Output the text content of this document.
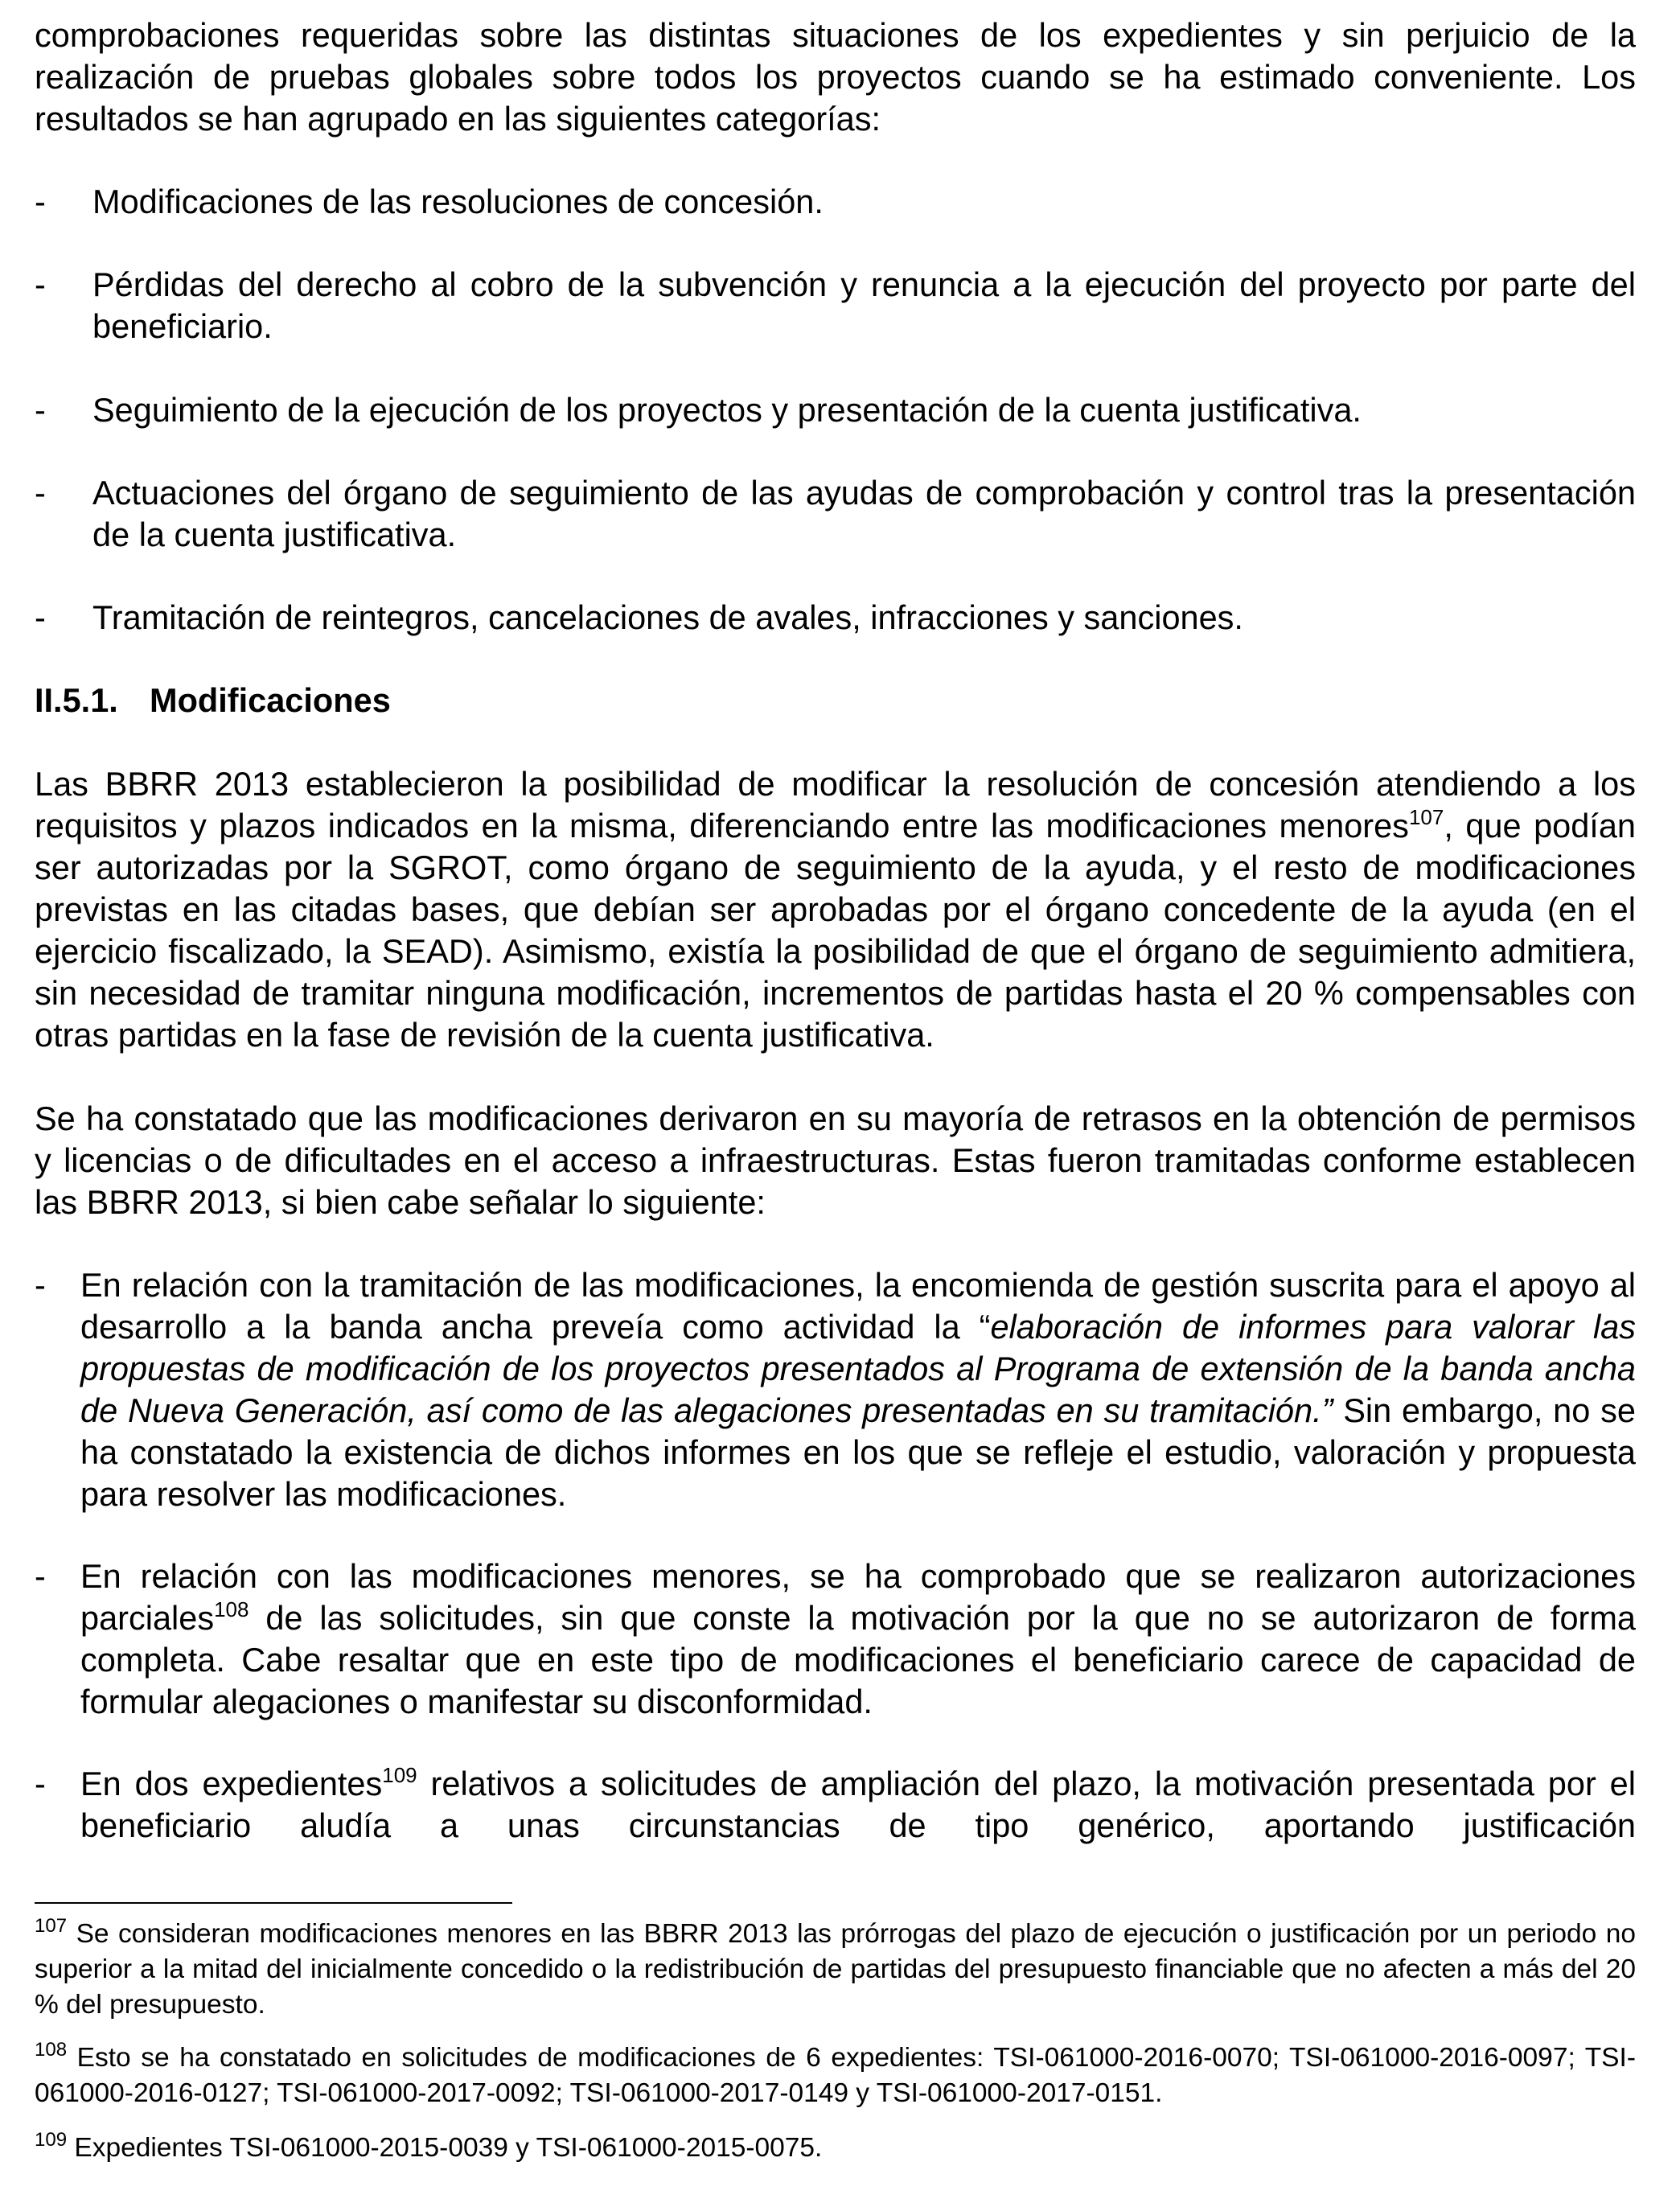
comprobaciones requeridas sobre las distintas situaciones de los expedientes y sin perjuicio de la realización de pruebas globales sobre todos los proyectos cuando se ha estimado conveniente. Los resultados se han agrupado en las siguientes categorías:

- Modificaciones de las resoluciones de concesión.

- Pérdidas del derecho al cobro de la subvención y renuncia a la ejecución del proyecto por parte del beneficiario.

- Seguimiento de la ejecución de los proyectos y presentación de la cuenta justificativa.

- Actuaciones del órgano de seguimiento de las ayudas de comprobación y control tras la presentación de la cuenta justificativa.

- Tramitación de reintegros, cancelaciones de avales, infracciones y sanciones.

II.5.1. Modificaciones

Las BBRR 2013 establecieron la posibilidad de modificar la resolución de concesión atendiendo a los requisitos y plazos indicados en la misma, diferenciando entre las modificaciones menores$^{107}$, que podían ser autorizadas por la SGROT, como órgano de seguimiento de la ayuda, y el resto de modificaciones previstas en las citadas bases, que debían ser aprobadas por el órgano concedente de la ayuda (en el ejercicio fiscalizado, la SEAD). Asimismo, existía la posibilidad de que el órgano de seguimiento admitiera, sin necesidad de tramitar ninguna modificación, incrementos de partidas hasta el 20 % compensables con otras partidas en la fase de revisión de la cuenta justificativa.

Se ha constatado que las modificaciones derivaron en su mayoría de retrasos en la obtención de permisos y licencias o de dificultades en el acceso a infraestructuras. Estas fueron tramitadas conforme establecen las BBRR 2013, si bien cabe señalar lo siguiente:

- En relación con la tramitación de las modificaciones, la encomienda de gestión suscrita para el apoyo al desarrollo a la banda ancha preveía como actividad la “elaboración de informes para valorar las propuestas de modificación de los proyectos presentados al Programa de extensión de la banda ancha de Nueva Generación, así como de las alegaciones presentadas en su tramitación.” Sin embargo, no se ha constatado la existencia de dichos informes en los que se refleje el estudio, valoración y propuesta para resolver las modificaciones.

- En relación con las modificaciones menores, se ha comprobado que se realizaron autorizaciones parciales$^{108}$ de las solicitudes, sin que conste la motivación por la que no se autorizaron de forma completa. Cabe resaltar que en este tipo de modificaciones el beneficiario carece de capacidad de formular alegaciones o manifestar su disconformidad.

- En dos expedientes$^{109}$ relativos a solicitudes de ampliación del plazo, la motivación presentada por el beneficiario aludía a unas circunstancias de tipo genérico, aportando justificación

$^{107}$ Se consideran modificaciones menores en las BBRR 2013 las prórrogas del plazo de ejecución o justificación por un periodo no superior a la mitad del inicialmente concedido o la redistribución de partidas del presupuesto financiable que no afecten a más del 20 % del presupuesto.

$^{108}$ Esto se ha constatado en solicitudes de modificaciones de 6 expedientes: TSI-061000-2016-0070; TSI-061000-2016-0097; TSI-061000-2016-0127; TSI-061000-2017-0092; TSI-061000-2017-0149 y TSI-061000-2017-0151.

$^{109}$ Expedientes TSI-061000-2015-0039 y TSI-061000-2015-0075.
